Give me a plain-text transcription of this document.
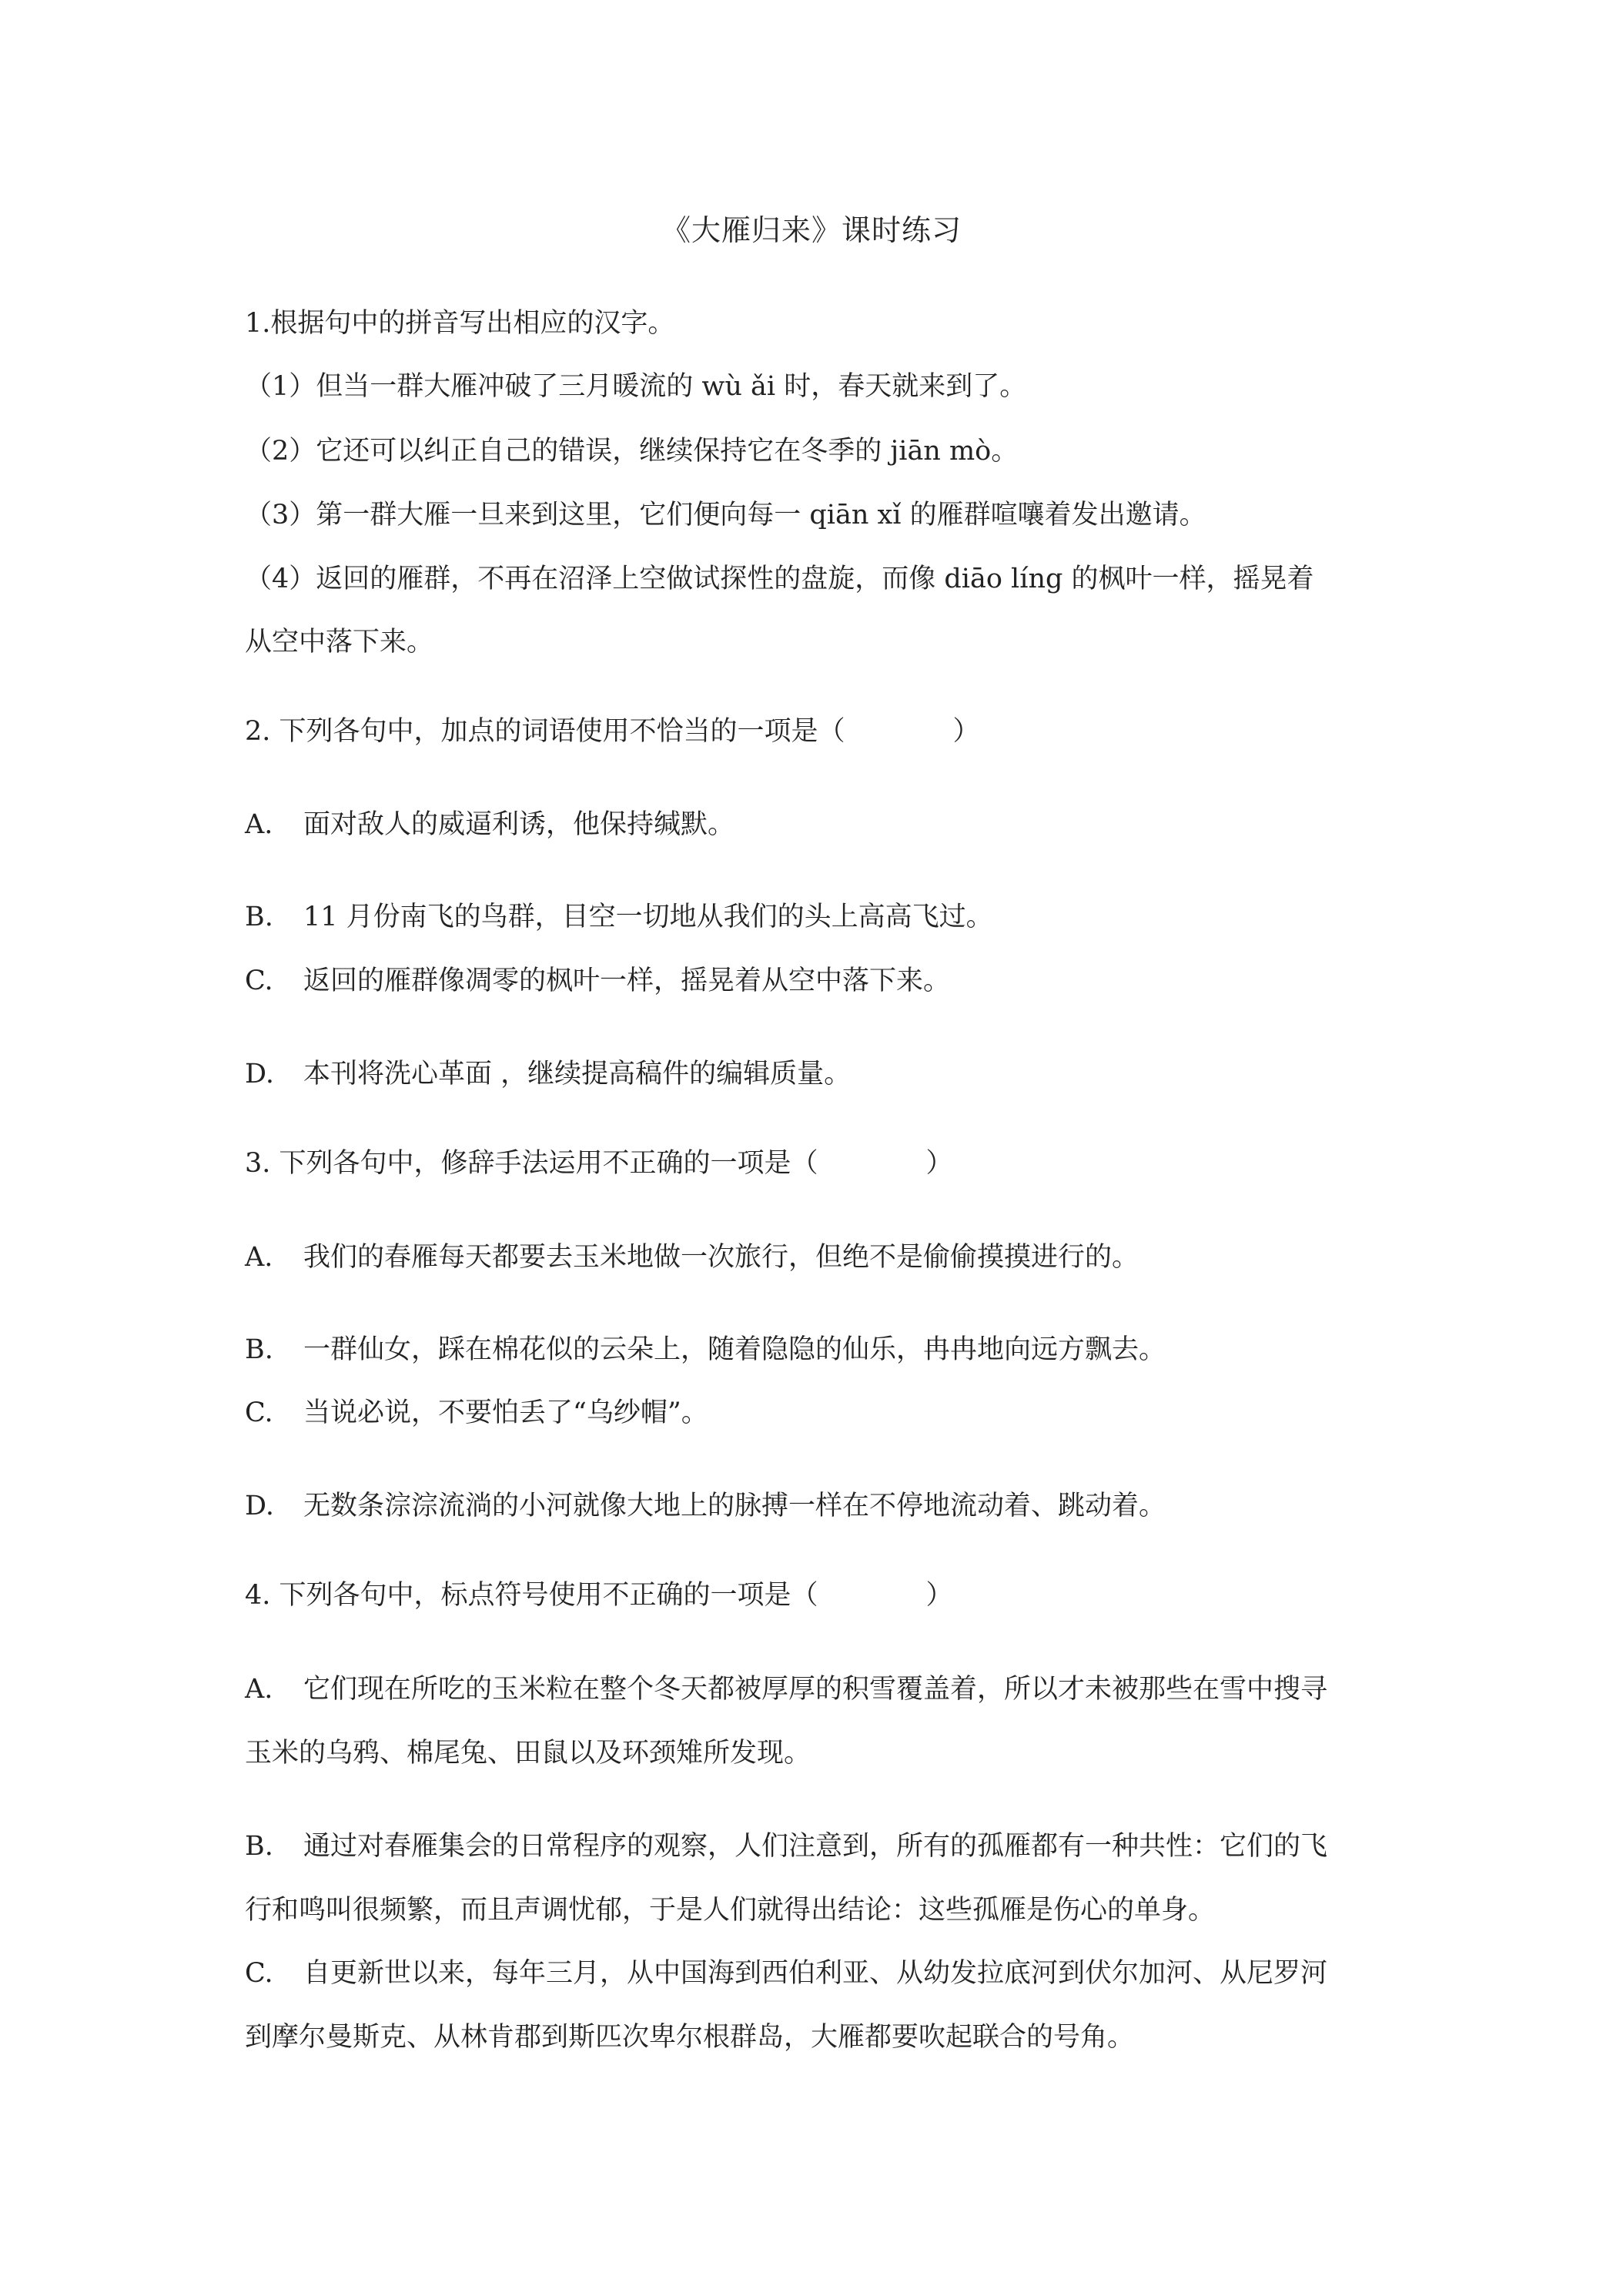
《大雁归来》课时练习
1.根据句中的拼音写出相应的汉字。
（1）但当一群大雁冲破了三月暖流的 wù ǎi 时，春天就来到了。
（2）它还可以纠正自己的错误，继续保持它在冬季的 jiān mò。
（3）第一群大雁一旦来到这里，它们便向每一 qiān xǐ 的雁群喧嚷着发出邀请。
（4）返回的雁群，不再在沼泽上空做试探性的盘旋，而像 diāo líng 的枫叶一样，摇晃着
从空中落下来。
2. 下列各句中，加点的词语使用不恰当的一项是（　　　　）
A. 面对敌人的威逼利诱，他保持缄默。
B. 11 月份南飞的鸟群，目空一切地从我们的头上高高飞过。
C. 返回的雁群像凋零的枫叶一样，摇晃着从空中落下来。
D. 本刊将洗心革面 ，继续提高稿件的编辑质量。
3. 下列各句中，修辞手法运用不正确的一项是（　　　　）
A. 我们的春雁每天都要去玉米地做一次旅行，但绝不是偷偷摸摸进行的。
B. 一群仙女，踩在棉花似的云朵上，随着隐隐的仙乐，冉冉地向远方飘去。
C. 当说必说，不要怕丢了“乌纱帽”。
D. 无数条淙淙流淌的小河就像大地上的脉搏一样在不停地流动着、跳动着。
4. 下列各句中，标点符号使用不正确的一项是（　　　　）
A. 它们现在所吃的玉米粒在整个冬天都被厚厚的积雪覆盖着，所以才未被那些在雪中搜寻
玉米的乌鸦、棉尾兔、田鼠以及环颈雉所发现。
B. 通过对春雁集会的日常程序的观察，人们注意到，所有的孤雁都有一种共性：它们的飞
行和鸣叫很频繁，而且声调忧郁，于是人们就得出结论：这些孤雁是伤心的单身。
C. 自更新世以来，每年三月，从中国海到西伯利亚、从幼发拉底河到伏尔加河、从尼罗河
到摩尔曼斯克、从林肯郡到斯匹次卑尔根群岛，大雁都要吹起联合的号角。
